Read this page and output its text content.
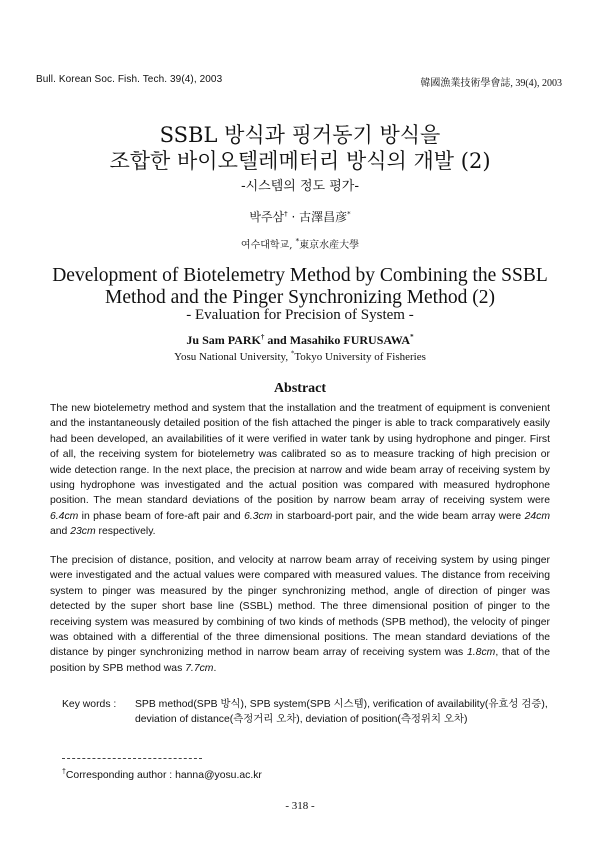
Bull. Korean Soc. Fish. Tech. 39(4), 2003	韓國漁業技術學會誌, 39(4), 2003
SSBL 방식과 핑거동기 방식을
조합한 바이오텔레메터리 방식의 개발 (2)
-시스템의 정도 평가-
박주삼† · 古澤昌彦*
여수대학교, *東京水産大學
Development of Biotelemetry Method by Combining the SSBL
Method and the Pinger Synchronizing Method (2)
- Evaluation for Precision of System -
Ju Sam PARK† and Masahiko FURUSAWA*
Yosu National University, *Tokyo University of Fisheries
Abstract
The new biotelemetry method and system that the installation and the treatment of equipment is convenient and the instantaneously detailed position of the fish attached the pinger is able to track comparatively easily had been developed, an availabilities of it were verified in water tank by using hydrophone and pinger. First of all, the receiving system for biotelemetry was calibrated so as to measure tracking of high precision or wide detection range. In the next place, the precision at narrow and wide beam array of receiving system by using hydrophone was investigated and the actual position was compared with measured hydrophone position. The mean standard deviations of the position by narrow beam array of receiving system were 6.4cm in phase beam of fore-aft pair and 6.3cm in starboard-port pair, and the wide beam array were 24cm and 23cm respectively.
The precision of distance, position, and velocity at narrow beam array of receiving system by using pinger were investigated and the actual values were compared with measured values. The distance from receiving system to pinger was measured by the pinger synchronizing method, angle of direction of pinger was detected by the super short base line (SSBL) method. The three dimensional position of pinger to the receiving system was measured by combining of two kinds of methods (SPB method), the velocity of pinger was obtained with a differential of the three dimensional positions. The mean standard deviations of the distance by pinger synchronizing method in narrow beam array of receiving system was 1.8cm, that of the position by SPB method was 7.7cm.
Key words : SPB method(SPB 방식), SPB system(SPB 시스템), verification of availability(유효성 검증), deviation of distance(측정거리 오차), deviation of position(측정위치 오차)
†Corresponding author : hanna@yosu.ac.kr
- 318 -
